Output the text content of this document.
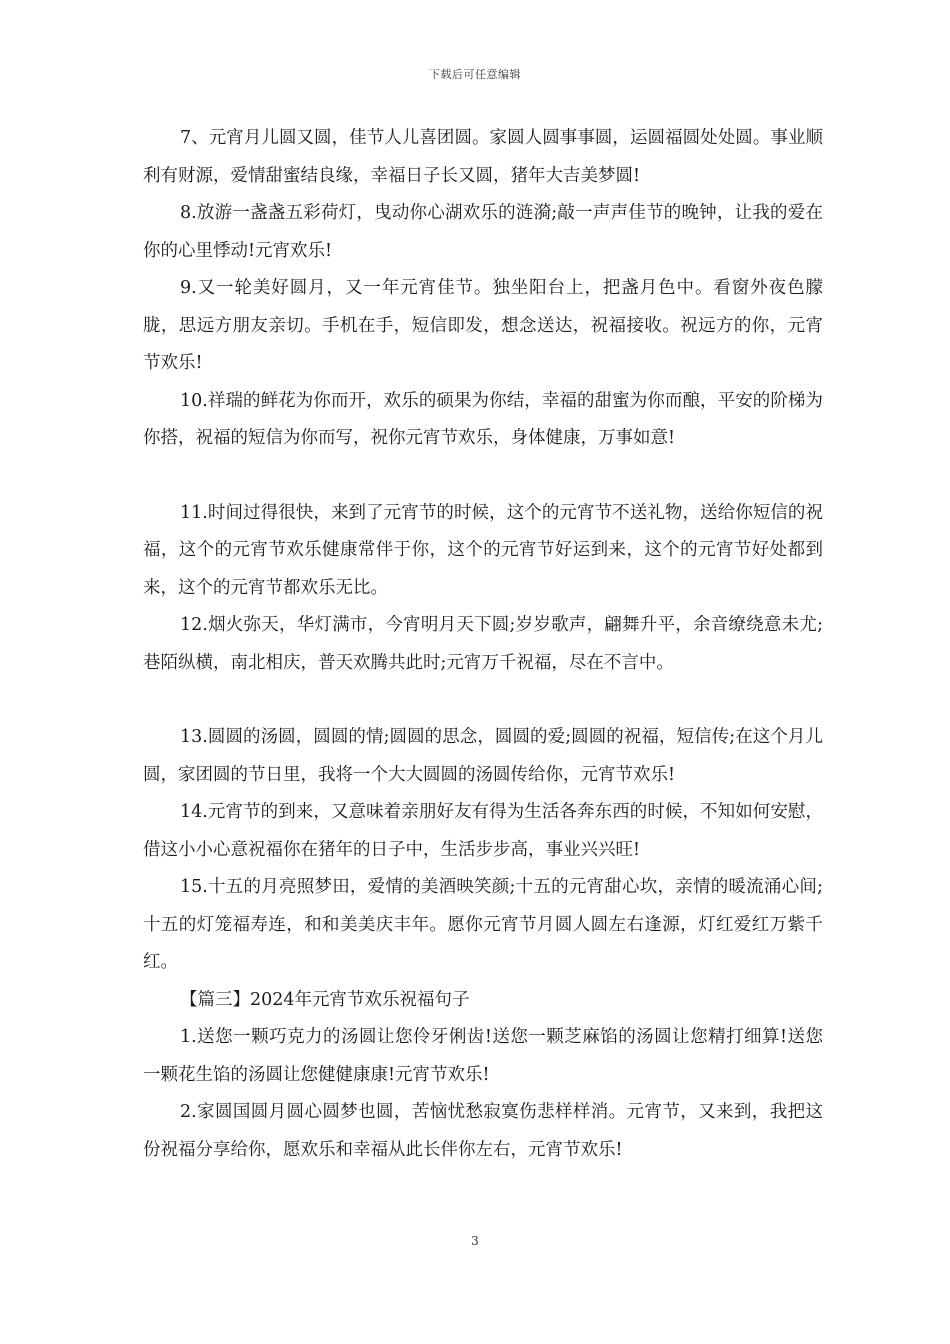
下载后可任意编辑

7、元宵月儿圆又圆，佳节人儿喜团圆。家圆人圆事事圆，运圆福圆处处圆。事业顺利有财源，爱情甜蜜结良缘，幸福日子长又圆，猪年大吉美梦圆!

8.放游一盏盏五彩荷灯，曳动你心湖欢乐的涟漪;敲一声声佳节的晚钟，让我的爱在你的心里悸动!元宵欢乐!

9.又一轮美好圆月，又一年元宵佳节。独坐阳台上，把盏月色中。看窗外夜色朦胧，思远方朋友亲切。手机在手，短信即发，想念送达，祝福接收。祝远方的你，元宵节欢乐!

10.祥瑞的鲜花为你而开，欢乐的硕果为你结，幸福的甜蜜为你而酿，平安的阶梯为你搭，祝福的短信为你而写，祝你元宵节欢乐，身体健康，万事如意!

11.时间过得很快，来到了元宵节的时候，这个的元宵节不送礼物，送给你短信的祝福，这个的元宵节欢乐健康常伴于你，这个的元宵节好运到来，这个的元宵节好处都到来，这个的元宵节都欢乐无比。

12.烟火弥天，华灯满市，今宵明月天下圆;岁岁歌声，翩舞升平，余音缭绕意未尤;巷陌纵横，南北相庆，普天欢腾共此时;元宵万千祝福，尽在不言中。

13.圆圆的汤圆，圆圆的情;圆圆的思念，圆圆的爱;圆圆的祝福，短信传;在这个月儿圆，家团圆的节日里，我将一个大大圆圆的汤圆传给你，元宵节欢乐!

14.元宵节的到来，又意味着亲朋好友有得为生活各奔东西的时候，不知如何安慰，借这小小心意祝福你在猪年的日子中，生活步步高，事业兴兴旺!

15.十五的月亮照梦田，爱情的美酒映笑颜;十五的元宵甜心坎，亲情的暖流涌心间;十五的灯笼福寿连，和和美美庆丰年。愿你元宵节月圆人圆左右逢源，灯红爱红万紫千红。

【篇三】2024年元宵节欢乐祝福句子

1.送您一颗巧克力的汤圆让您伶牙俐齿!送您一颗芝麻馅的汤圆让您精打细算!送您一颗花生馅的汤圆让您健健康康!元宵节欢乐!

2.家圆国圆月圆心圆梦也圆，苦恼忧愁寂寞伤悲样样消。元宵节，又来到，我把这份祝福分享给你，愿欢乐和幸福从此长伴你左右，元宵节欢乐!

3
